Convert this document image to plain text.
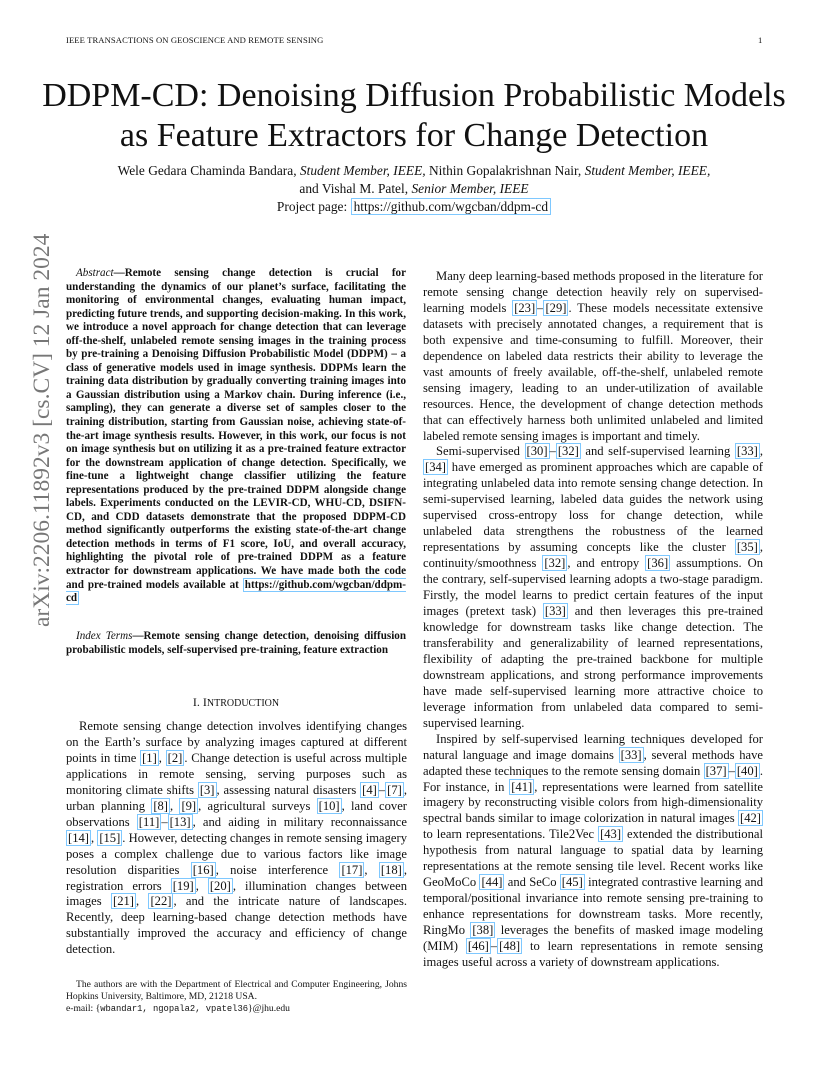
IEEE TRANSACTIONS ON GEOSCIENCE AND REMOTE SENSING	1
arXiv:2206.11892v3 [cs.CV] 12 Jan 2024
DDPM-CD: Denoising Diffusion Probabilistic Models as Feature Extractors for Change Detection
Wele Gedara Chaminda Bandara, Student Member, IEEE, Nithin Gopalakrishnan Nair, Student Member, IEEE,
and Vishal M. Patel, Senior Member, IEEE
Project page: https://github.com/wgcban/ddpm-cd

Abstract—Remote sensing change detection is crucial for understanding the dynamics of our planet’s surface, facilitating the monitoring of environmental changes, evaluating human impact, predicting future trends, and supporting decision-making. In this work, we introduce a novel approach for change detection that can leverage off-the-shelf, unlabeled remote sensing images in the training process by pre-training a Denoising Diffusion Probabilistic Model (DDPM) – a class of generative models used in image synthesis. DDPMs learn the training data distribution by gradually converting training images into a Gaussian distribution using a Markov chain. During inference (i.e., sampling), they can generate a diverse set of samples closer to the training distribution, starting from Gaussian noise, achieving state-of-the-art image synthesis results. However, in this work, our focus is not on image synthesis but on utilizing it as a pre-trained feature extractor for the downstream application of change detection. Specifically, we fine-tune a lightweight change classifier utilizing the feature representations produced by the pre-trained DDPM alongside change labels. Experiments conducted on the LEVIR-CD, WHU-CD, DSIFN-CD, and CDD datasets demonstrate that the proposed DDPM-CD method significantly outperforms the existing state-of-the-art change detection methods in terms of F1 score, IoU, and overall accuracy, highlighting the pivotal role of pre-trained DDPM as a feature extractor for downstream applications. We have made both the code and pre-trained models available at https://github.com/wgcban/ddpm-cd

Index Terms—Remote sensing change detection, denoising diffusion probabilistic models, self-supervised pre-training, feature extraction

I. INTRODUCTION

Remote sensing change detection involves identifying changes on the Earth’s surface by analyzing images captured at different points in time [1] , [2] . Change detection is useful across multiple applications in remote sensing, serving purposes such as monitoring climate shifts [3] , assessing natural disasters [4] – [7] , urban planning [8] , [9] , agricultural surveys [10] , land cover observations [11] – [13] , and aiding in military reconnaissance [14] , [15] . However, detecting changes in remote sensing imagery poses a complex challenge due to various factors like image resolution disparities [16] , noise interference [17] , [18] , registration errors [19] , [20] , illumination changes between images [21] , [22] , and the intricate nature of landscapes. Recently, deep learning-based change detection methods have substantially improved the accuracy and efficiency of change detection.

Many deep learning-based methods proposed in the literature for remote sensing change detection heavily rely on supervised-learning models [23] – [29] . These models necessitate extensive datasets with precisely annotated changes, a requirement that is both expensive and time-consuming to fulfill. Moreover, their dependence on labeled data restricts their ability to leverage the vast amounts of freely available, off-the-shelf, unlabeled remote sensing imagery, leading to an under-utilization of available resources. Hence, the development of change detection methods that can effectively harness both unlimited unlabeled and limited labeled remote sensing images is important and timely.

Semi-supervised [30] – [32] and self-supervised learning [33] , [34] have emerged as prominent approaches which are capable of integrating unlabeled data into remote sensing change detection. In semi-supervised learning, labeled data guides the network using supervised cross-entropy loss for change detection, while unlabeled data strengthens the robustness of the learned representations by assuming concepts like the cluster [35] , continuity/smoothness [32] , and entropy [36] assumptions. On the contrary, self-supervised learning adopts a two-stage paradigm. Firstly, the model learns to predict certain features of the input images (pretext task) [33] and then leverages this pre-trained knowledge for downstream tasks like change detection. The transferability and generalizability of learned representations, flexibility of adapting the pre-trained backbone for multiple downstream applications, and strong performance improvements have made self-supervised learning more attractive choice to leverage information from unlabeled data compared to semi-supervised learning.

Inspired by self-supervised learning techniques developed for natural language and image domains [33] , several methods have adapted these techniques to the remote sensing domain [37] – [40] . For instance, in [41] , representations were learned from satellite imagery by reconstructing visible colors from high-dimensionality spectral bands similar to image colorization in natural images [42] to learn representations. Tile2Vec [43] extended the distributional hypothesis from natural language to spatial data by learning representations at the remote sensing tile level. Recent works like GeoMoCo [44] and SeCo [45] integrated contrastive learning and temporal/positional invariance into remote sensing pre-training to enhance representations for downstream tasks. More recently, RingMo [38] leverages the benefits of masked image modeling (MIM) [46] – [48] to learn representations in remote sensing images useful across a variety of downstream applications.

The authors are with the Department of Electrical and Computer Engineering, Johns Hopkins University, Baltimore, MD, 21218 USA.

e-mail: {wbandar1, ngopala2, vpatel36}@jhu.edu
